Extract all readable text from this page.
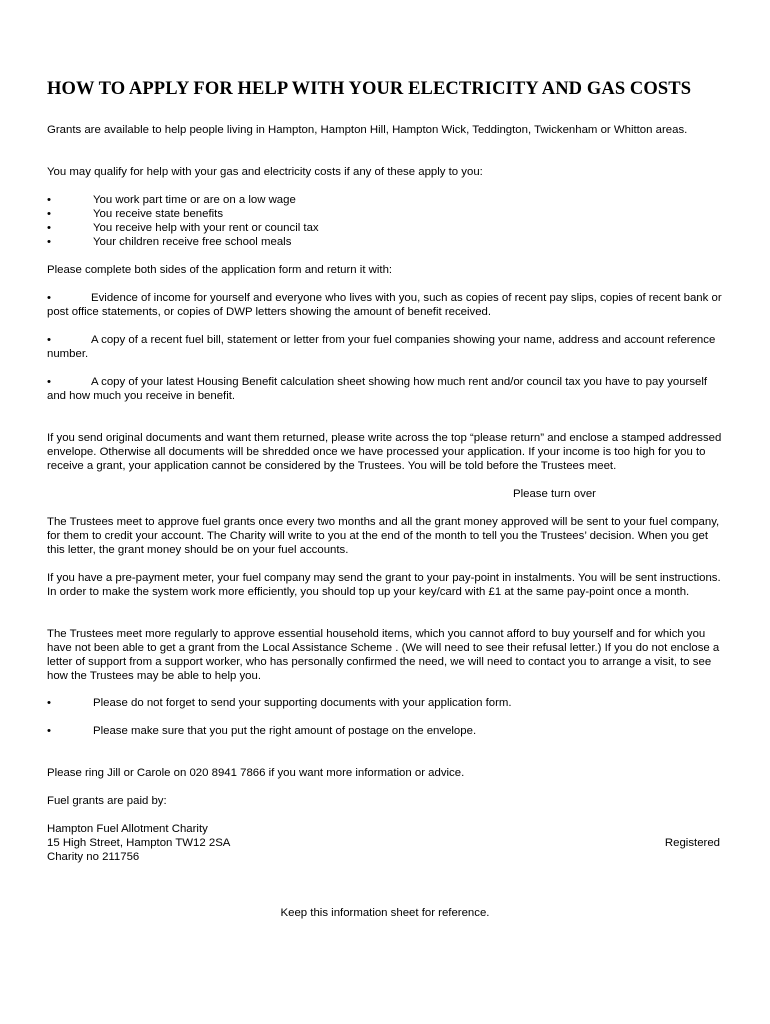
HOW TO APPLY FOR HELP WITH YOUR ELECTRICITY AND GAS COSTS

Grants are available to help people living in Hampton, Hampton Hill, Hampton Wick, Teddington, Twickenham or Whitton areas.

You may qualify for help with your gas and electricity costs if any of these apply to you:

•	You work part time or are on a low wage
•	You receive state benefits
•	You receive help with your rent or council tax
•	Your children receive free school meals

Please complete both sides of the application form and return it with:

•	Evidence of income for yourself and everyone who lives with you, such as copies of recent pay slips, copies of recent bank or post office statements, or copies of DWP letters showing the amount of benefit received.

•	A copy of a recent fuel bill, statement or letter from your fuel companies showing your name, address and account reference number.

•	A copy of your latest Housing Benefit calculation sheet showing how much rent and/or council tax you have to pay yourself and how much you receive in benefit.

If you send original documents and want them returned, please write across the top “please return” and enclose a stamped addressed envelope. Otherwise all documents will be shredded once we have processed your application. If your income is too high for you to receive a grant, your application cannot be considered by the Trustees. You will be told before the Trustees meet.

Please turn over

The Trustees meet to approve fuel grants once every two months and all the grant money approved will be sent to your fuel company, for them to credit your account. The Charity will write to you at the end of the month to tell you the Trustees’ decision. When you get this letter, the grant money should be on your fuel accounts.

If you have a pre-payment meter, your fuel company may send the grant to your pay-point in instalments. You will be sent instructions. In order to make the system work more efficiently, you should top up your key/card with £1 at the same pay-point once a month.

The Trustees meet more regularly to approve essential household items, which you cannot afford to buy yourself and for which you have not been able to get a grant from the Local Assistance Scheme . (We will need to see their refusal letter.) If you do not enclose a letter of support from a support worker, who has personally confirmed the need, we will need to contact you to arrange a visit, to see how the Trustees may be able to help you.

•	Please do not forget to send your supporting documents with your application form.
•	Please make sure that you put the right amount of postage on the envelope.

Please ring Jill or Carole on 020 8941 7866 if you want more information or advice.

Fuel grants are paid by:

Hampton Fuel Allotment Charity
15 High Street, Hampton TW12 2SA	Registered
Charity no 211756

Keep this information sheet for reference.
